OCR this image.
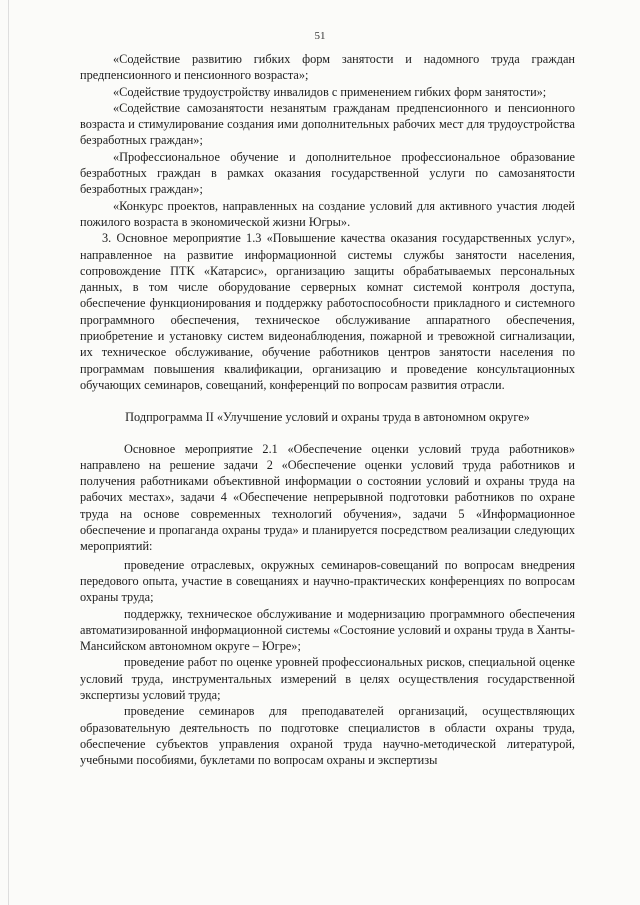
51

«Содействие развитию гибких форм занятости и надомного труда граждан предпенсионного и пенсионного возраста»;

«Содействие трудоустройству инвалидов с применением гибких форм занятости»;

«Содействие самозанятости незанятым гражданам предпенсионного и пенсионного возраста и стимулирование создания ими дополнительных рабочих мест для трудоустройства безработных граждан»;

«Профессиональное обучение и дополнительное профессиональное образование безработных граждан в рамках оказания государственной услуги по самозанятости безработных граждан»;

«Конкурс проектов, направленных на создание условий для активного участия людей пожилого возраста в экономической жизни Югры».

3. Основное мероприятие 1.3 «Повышение качества оказания государственных услуг», направленное на развитие информационной системы службы занятости населения, сопровождение ПТК «Катарсис», организацию защиты обрабатываемых персональных данных, в том числе оборудование серверных комнат системой контроля доступа, обеспечение функционирования и поддержку работоспособности прикладного и системного программного обеспечения, техническое обслуживание аппаратного обеспечения, приобретение и установку систем видеонаблюдения, пожарной и тревожной сигнализации, их техническое обслуживание, обучение работников центров занятости населения по программам повышения квалификации, организацию и проведение консультационных обучающих семинаров, совещаний, конференций по вопросам развития отрасли.

Подпрограмма II «Улучшение условий и охраны труда в автономном округе»

Основное мероприятие 2.1 «Обеспечение оценки условий труда работников» направлено на решение задачи 2 «Обеспечение оценки условий труда работников и получения работниками объективной информации о состоянии условий и охраны труда на рабочих местах», задачи 4 «Обеспечение непрерывной подготовки работников по охране труда на основе современных технологий обучения», задачи 5 «Информационное обеспечение и пропаганда охраны труда» и планируется посредством реализации следующих мероприятий:

проведение отраслевых, окружных семинаров-совещаний по вопросам внедрения передового опыта, участие в совещаниях и научно-практических конференциях по вопросам охраны труда;

поддержку, техническое обслуживание и модернизацию программного обеспечения автоматизированной информационной системы «Состояние условий и охраны труда в Ханты-Мансийском автономном округе – Югре»;

проведение работ по оценке уровней профессиональных рисков, специальной оценке условий труда, инструментальных измерений в целях осуществления государственной экспертизы условий труда;

проведение семинаров для преподавателей организаций, осуществляющих образовательную деятельность по подготовке специалистов в области охраны труда, обеспечение субъектов управления охраной труда научно-методической литературой, учебными пособиями, буклетами по вопросам охраны и экспертизы
